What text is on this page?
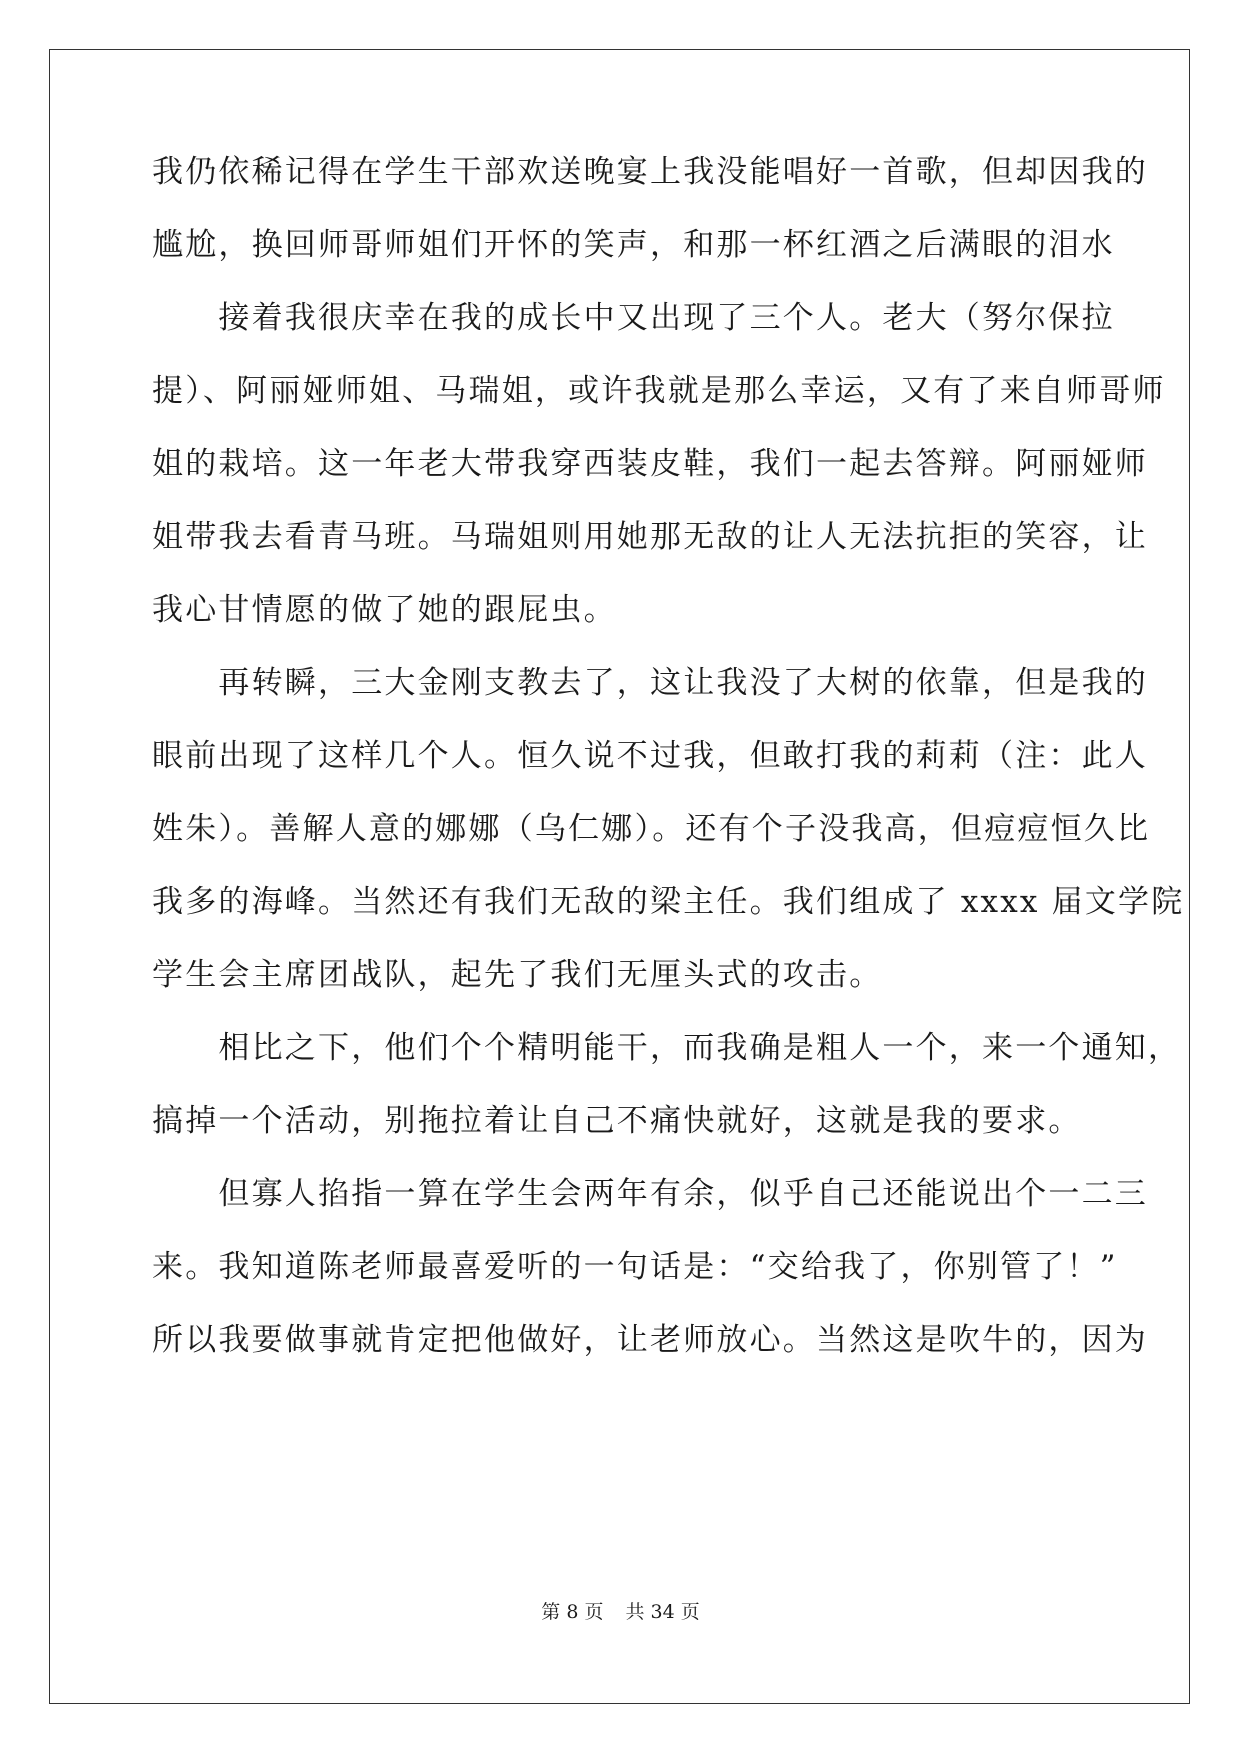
我仍依稀记得在学生干部欢送晚宴上我没能唱好一首歌，但却因我的
尴尬，换回师哥师姐们开怀的笑声，和那一杯红酒之后满眼的泪水
　　接着我很庆幸在我的成长中又出现了三个人。老大（努尔保拉
提）、阿丽娅师姐、马瑞姐，或许我就是那么幸运，又有了来自师哥师
姐的栽培。这一年老大带我穿西装皮鞋，我们一起去答辩。阿丽娅师
姐带我去看青马班。马瑞姐则用她那无敌的让人无法抗拒的笑容，让
我心甘情愿的做了她的跟屁虫。
　　再转瞬，三大金刚支教去了，这让我没了大树的依靠，但是我的
眼前出现了这样几个人。恒久说不过我，但敢打我的莉莉（注：此人
姓朱）。善解人意的娜娜（乌仁娜）。还有个子没我高，但痘痘恒久比
我多的海峰。当然还有我们无敌的梁主任。我们组成了 xxxx 届文学院
学生会主席团战队，起先了我们无厘头式的攻击。
　　相比之下，他们个个精明能干，而我确是粗人一个，来一个通知，
搞掉一个活动，别拖拉着让自己不痛快就好，这就是我的要求。
　　但寡人掐指一算在学生会两年有余，似乎自己还能说出个一二三
来。我知道陈老师最喜爱听的一句话是：“交给我了，你别管了！”
所以我要做事就肯定把他做好，让老师放心。当然这是吹牛的，因为
第 8 页 共 34 页
